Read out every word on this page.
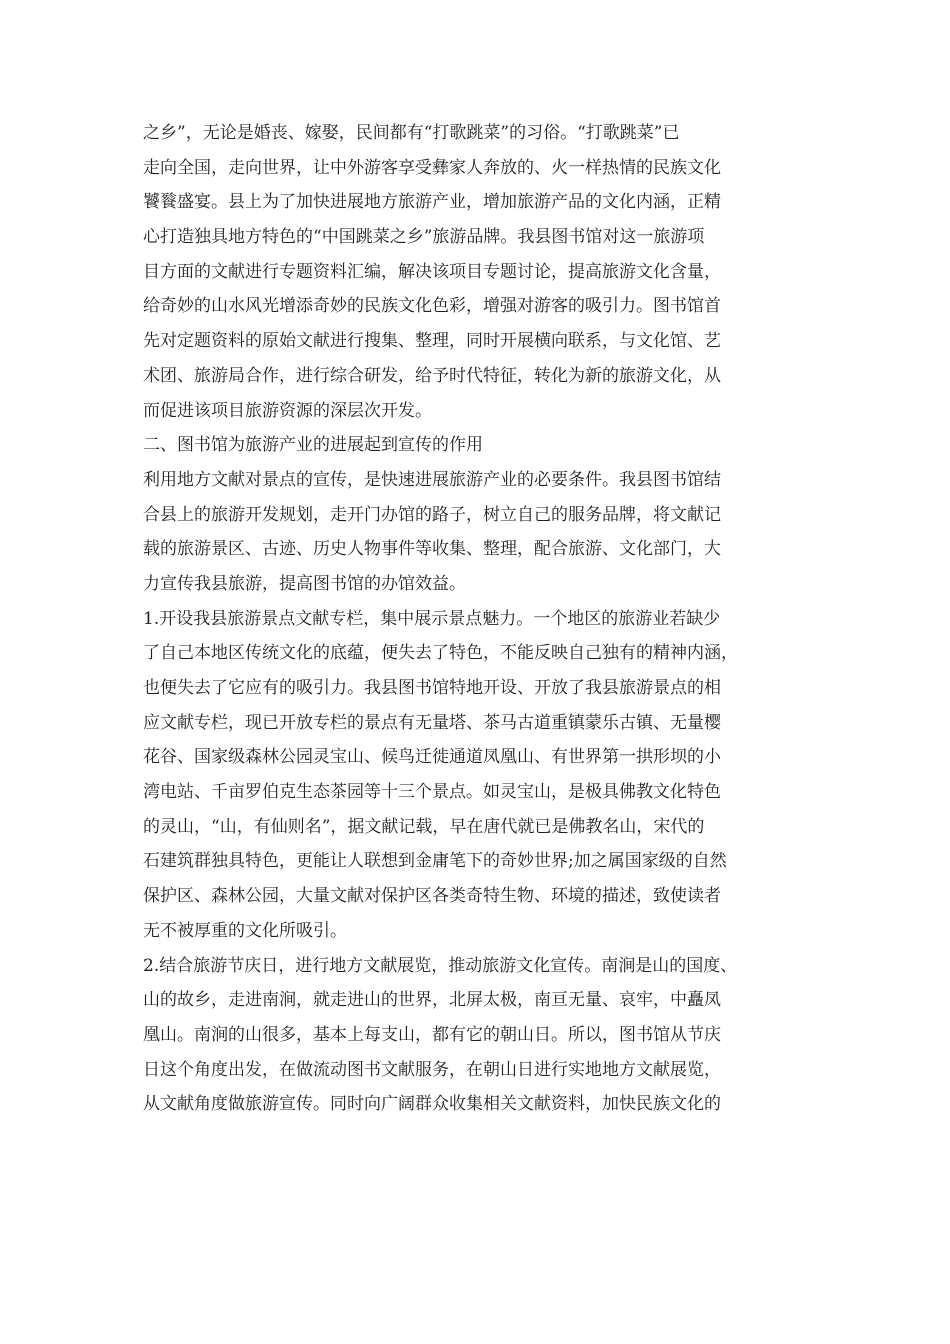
之乡”，无论是婚丧、嫁娶，民间都有“打歌跳菜”的习俗。“打歌跳菜”已
走向全国，走向世界，让中外游客享受彝家人奔放的、火一样热情的民族文化
饕餮盛宴。县上为了加快进展地方旅游产业，增加旅游产品的文化内涵，正精
心打造独具地方特色的“中国跳菜之乡”旅游品牌。我县图书馆对这一旅游项
目方面的文献进行专题资料汇编，解决该项目专题讨论，提高旅游文化含量，
给奇妙的山水风光增添奇妙的民族文化色彩，增强对游客的吸引力。图书馆首
先对定题资料的原始文献进行搜集、整理，同时开展横向联系，与文化馆、艺
术团、旅游局合作，进行综合研发，给予时代特征，转化为新的旅游文化，从
而促进该项目旅游资源的深层次开发。
二、图书馆为旅游产业的进展起到宣传的作用
利用地方文献对景点的宣传，是快速进展旅游产业的必要条件。我县图书馆结
合县上的旅游开发规划，走开门办馆的路子，树立自己的服务品牌，将文献记
载的旅游景区、古迹、历史人物事件等收集、整理，配合旅游、文化部门，大
力宣传我县旅游，提高图书馆的办馆效益。
1.开设我县旅游景点文献专栏，集中展示景点魅力。一个地区的旅游业若缺少
了自己本地区传统文化的底蕴，便失去了特色，不能反映自己独有的精神内涵，
也便失去了它应有的吸引力。我县图书馆特地开设、开放了我县旅游景点的相
应文献专栏，现已开放专栏的景点有无量塔、茶马古道重镇蒙乐古镇、无量樱
花谷、国家级森林公园灵宝山、候鸟迁徙通道凤凰山、有世界第一拱形坝的小
湾电站、千亩罗伯克生态茶园等十三个景点。如灵宝山，是极具佛教文化特色
的灵山，“山，有仙则名”，据文献记载，早在唐代就已是佛教名山，宋代的
石建筑群独具特色，更能让人联想到金庸笔下的奇妙世界;加之属国家级的自然
保护区、森林公园，大量文献对保护区各类奇特生物、环境的描述，致使读者
无不被厚重的文化所吸引。
2.结合旅游节庆日，进行地方文献展览，推动旅游文化宣传。南涧是山的国度、
山的故乡，走进南涧，就走进山的世界，北屏太极，南亘无量、哀牢，中矗凤
凰山。南涧的山很多，基本上每支山，都有它的朝山日。所以，图书馆从节庆
日这个角度出发，在做流动图书文献服务，在朝山日进行实地地方文献展览，
从文献角度做旅游宣传。同时向广阔群众收集相关文献资料，加快民族文化的
